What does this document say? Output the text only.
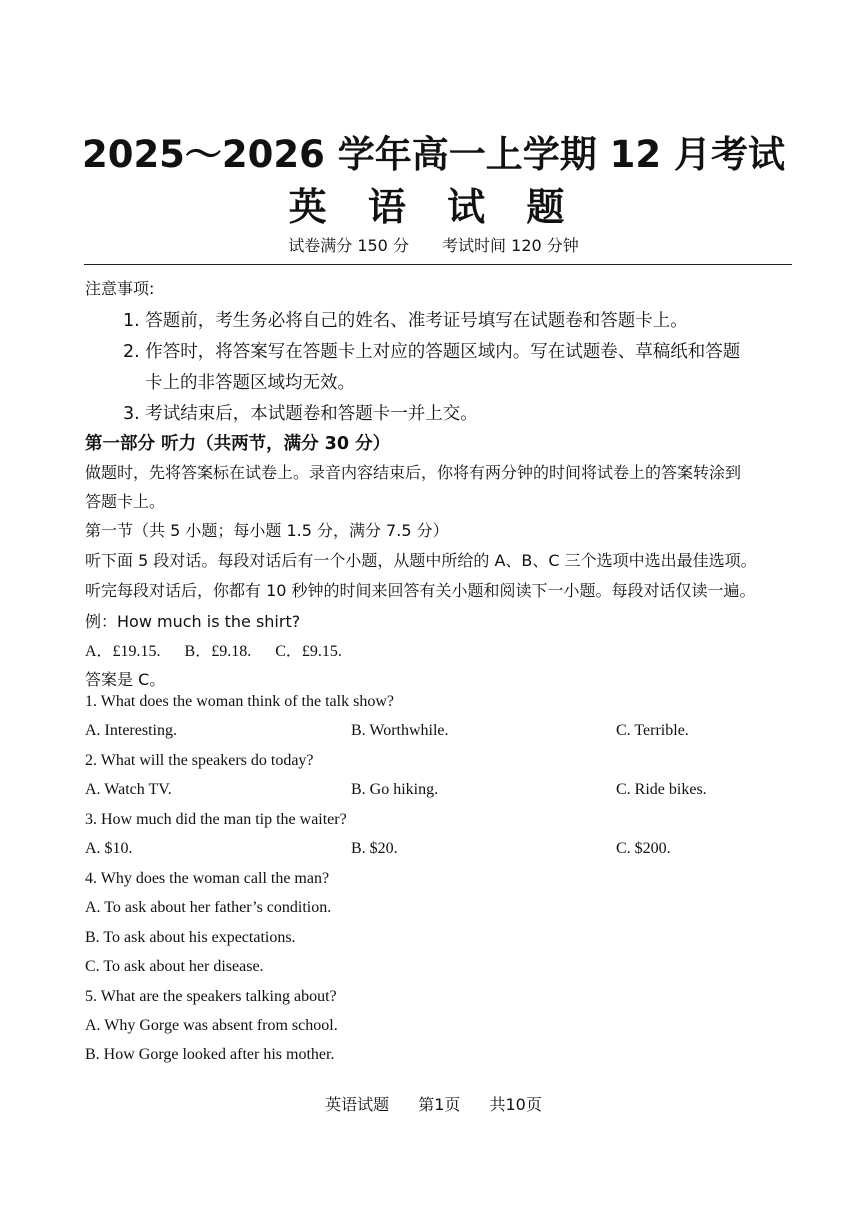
2025～2026 学年高一上学期 12 月考试
英 语 试 题
试卷满分 150 分 考试时间 120 分钟
注意事项:
1. 答题前，考生务必将自己的姓名、准考证号填写在试题卷和答题卡上。
2. 作答时，将答案写在答题卡上对应的答题区域内。写在试题卷、草稿纸和答题
卡上的非答题区域均无效。
3. 考试结束后，本试题卷和答题卡一并上交。
第一部分 听力（共两节，满分 30 分）
做题时，先将答案标在试卷上。录音内容结束后，你将有两分钟的时间将试卷上的答案转涂到
答题卡上。
第一节（共 5 小题；每小题 1.5 分，满分 7.5 分）
听下面 5 段对话。每段对话后有一个小题，从题中所给的 A、B、C 三个选项中选出最佳选项。
听完每段对话后，你都有 10 秒钟的时间来回答有关小题和阅读下一小题。每段对话仅读一遍。
例：How much is the shirt?
A．£19.15.      B．£9.18.      C．£9.15.
答案是 C。
1. What does the woman think of the talk show?
A. Interesting.	B. Worthwhile.	C. Terrible.
2. What will the speakers do today?
A. Watch TV.	B. Go hiking.	C. Ride bikes.
3. How much did the man tip the waiter?
A. $10.	B. $20.	C. $200.
4. Why does the woman call the man?
A. To ask about her father’s condition.
B. To ask about his expectations.
C. To ask about her disease.
5. What are the speakers talking about?
A. Why Gorge was absent from school.
B. How Gorge looked after his mother.
英语试题 第1页 共10页
